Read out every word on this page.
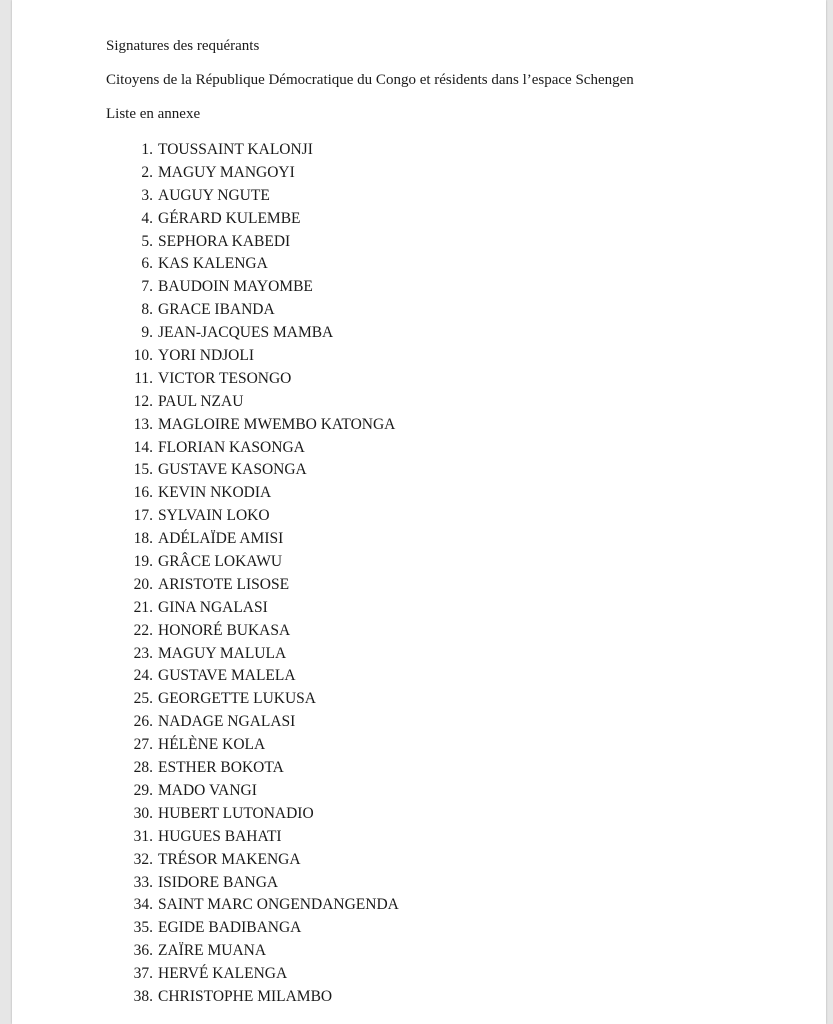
Signatures des requérants
Citoyens de la République Démocratique du Congo et résidents dans l’espace Schengen
Liste en annexe
1. TOUSSAINT KALONJI
2. MAGUY MANGOYI
3. AUGUY NGUTE
4. GÉRARD KULEMBE
5. SEPHORA KABEDI
6. KAS KALENGA
7. BAUDOIN MAYOMBE
8. GRACE IBANDA
9. JEAN-JACQUES MAMBA
10. YORI NDJOLI
11. VICTOR TESONGO
12. PAUL NZAU
13. MAGLOIRE MWEMBO KATONGA
14. FLORIAN KASONGA
15. GUSTAVE KASONGA
16. KEVIN NKODIA
17. SYLVAIN LOKO
18. ADÉLAÏDE AMISI
19. GRÂCE LOKAWU
20. ARISTOTE LISOSE
21. GINA NGALASI
22. HONORÉ BUKASA
23. MAGUY MALULA
24. GUSTAVE MALELA
25. GEORGETTE LUKUSA
26. NADAGE NGALASI
27. HÉLÈNE KOLA
28. ESTHER BOKOTA
29. MADO VANGI
30. HUBERT LUTONADIO
31. HUGUES BAHATI
32. TRÉSOR MAKENGA
33. ISIDORE BANGA
34. SAINT MARC ONGENDANGENDA
35. EGIDE BADIBANGA
36. ZAÏRE MUANA
37. HERVÉ KALENGA
38. CHRISTOPHE MILAMBO
